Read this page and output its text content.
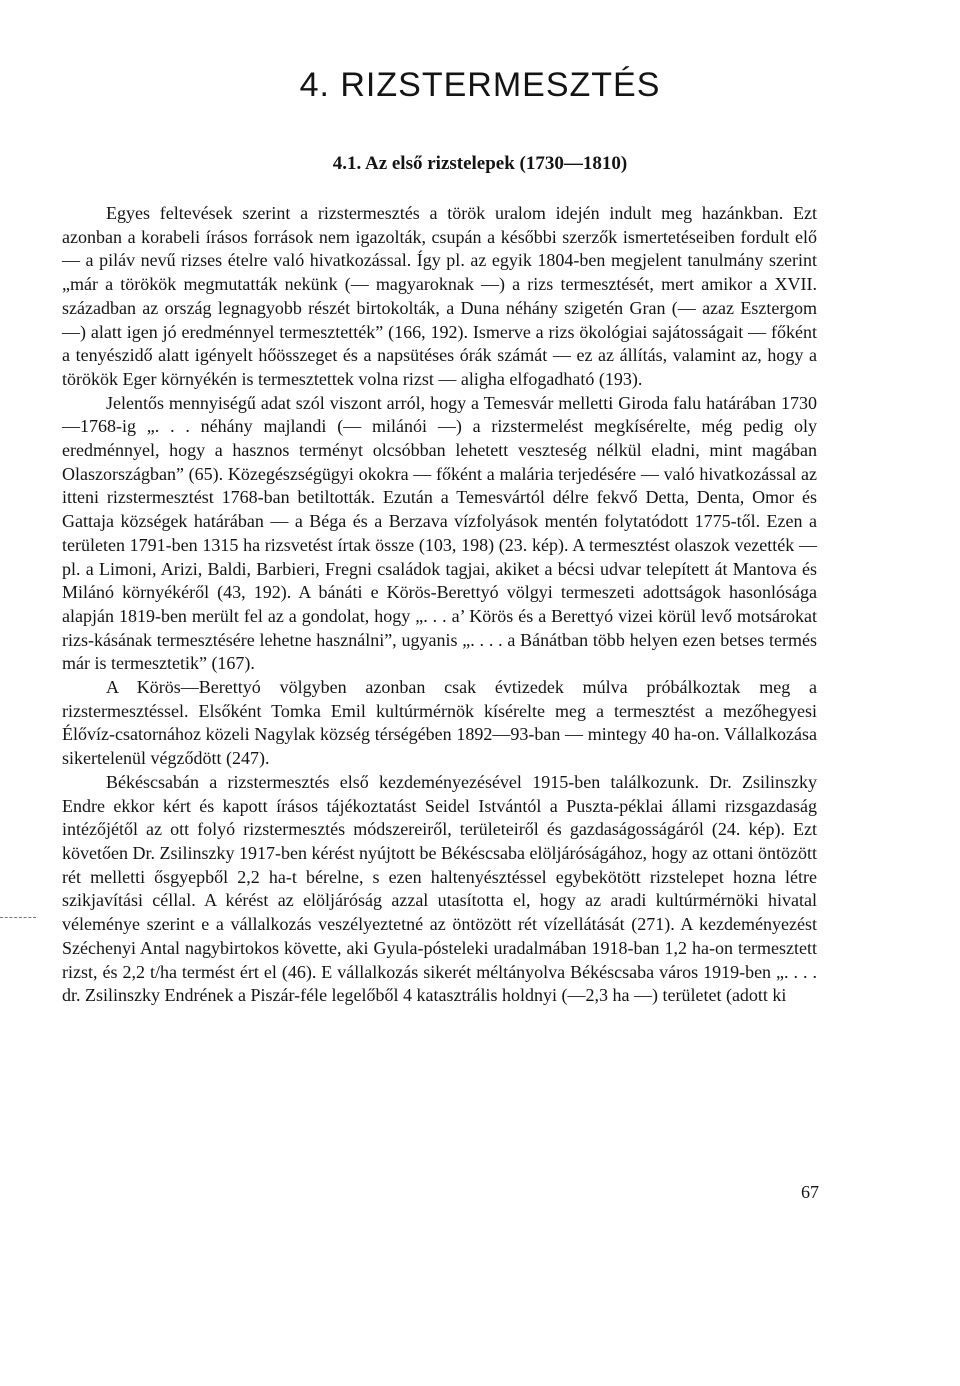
4. RIZSTERMESZTÉS
4.1. Az első rizstelepek (1730—1810)

Egyes feltevések szerint a rizstermesztés a török uralom idején indult meg hazánkban. Ezt azonban a korabeli írásos források nem igazolták, csupán a későbbi szerzők ismertetéseiben fordult elő — a piláv nevű rizses ételre való hivatkozással. Így pl. az egyik 1804-ben megjelent tanulmány szerint „már a törökök megmutatták nekünk (— magyaroknak —) a rizs termesztését, mert amikor a XVII. században az ország legnagyobb részét birtokolták, a Duna néhány szigetén Gran (— azaz Esztergom —) alatt igen jó eredménnyel termesztették” (166, 192). Ismerve a rizs ökológiai sajátosságait — főként a tenyészidő alatt igényelt hőösszeget és a napsütéses órák számát — ez az állítás, valamint az, hogy a törökök Eger környékén is termesztettek volna rizst — aligha elfogadható (193).

Jelentős mennyiségű adat szól viszont arról, hogy a Temesvár melletti Giroda falu határában 1730—1768-ig „. . . néhány majlandi (— milánói —) a rizstermelést megkísérelte, még pedig oly eredménnyel, hogy a hasznos terményt olcsóbban lehetett veszteség nélkül eladni, mint magában Olaszországban” (65). Közegészségügyi okokra — főként a malária terjedésére — való hivatkozással az itteni rizstermesztést 1768-ban betiltották. Ezután a Temesvártól délre fekvő Detta, Denta, Omor és Gattaja községek határában — a Béga és a Berzava vízfolyások mentén folytatódott 1775-től. Ezen a területen 1791-ben 1315 ha rizsvetést írtak össze (103, 198) (23. kép). A termesztést olaszok vezették — pl. a Limoni, Arizi, Baldi, Barbieri, Fregni családok tagjai, akiket a bécsi udvar telepített át Mantova és Milánó környékéről (43, 192). A bánáti e Körös-Berettyó völgyi termeszeti adottságok hasonlósága alapján 1819-ben merült fel az a gondolat, hogy „. . . a’ Körös és a Berettyó vizei körül levő motsárokat rizs-kásának termesztésére lehetne használni”, ugyanis „. . . . a Bánátban több helyen ezen betses termés már is termesztetik” (167).

A Körös—Berettyó völgyben azonban csak évtizedek múlva próbálkoztak meg a rizstermesztéssel. Elsőként Tomka Emil kultúrmérnök kísérelte meg a termesztést a mezőhegyesi Élővíz-csatornához közeli Nagylak község térségében 1892—93-ban — mintegy 40 ha-on. Vállalkozása sikertelenül végződött (247).

Békéscsabán a rizstermesztés első kezdeményezésével 1915-ben találkozunk. Dr. Zsilinszky Endre ekkor kért és kapott írásos tájékoztatást Seidel Istvántól a Puszta-péklai állami rizsgazdaság intézőjétől az ott folyó rizstermesztés módszereiről, területeiről és gazdaságosságáról (24. kép). Ezt követően Dr. Zsilinszky 1917-ben kérést nyújtott be Békéscsaba elöljáróságához, hogy az ottani öntözött rét melletti ősgyepből 2,2 ha-t bérelne, s ezen haltenyésztéssel egybekötött rizstelepet hozna létre szikjavítási céllal. A kérést az elöljáróság azzal utasította el, hogy az aradi kultúrmérnöki hivatal véleménye szerint e a vállalkozás veszélyeztetné az öntözött rét vízellátását (271). A kezdeményezést Széchenyi Antal nagybirtokos követte, aki Gyula-pósteleki uradalmában 1918-ban 1,2 ha-on termesztett rizst, és 2,2 t/ha termést ért el (46). E vállalkozás sikerét méltányolva Békéscsaba város 1919-ben „. . . . dr. Zsilinszky Endrének a Piszár-féle legelőből 4 katasztrális holdnyi (—2,3 ha —) területet (adott ki

67
